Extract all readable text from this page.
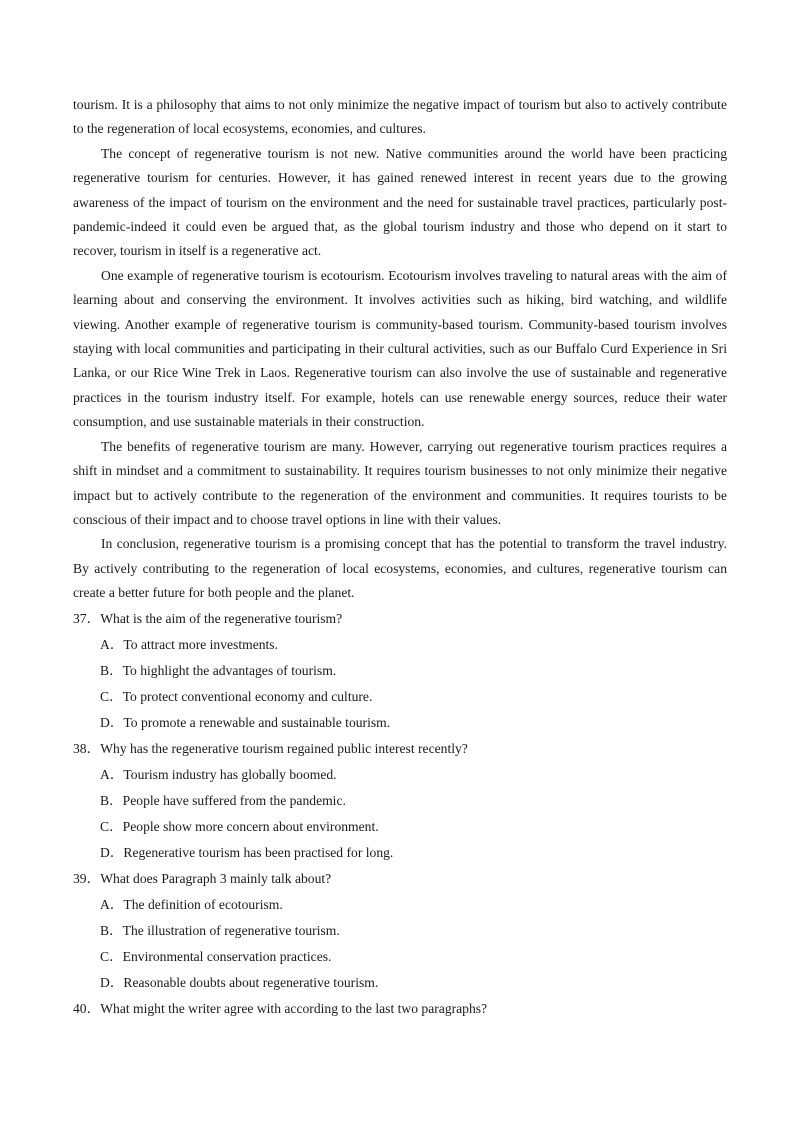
tourism. It is a philosophy that aims to not only minimize the negative impact of tourism but also to actively contribute to the regeneration of local ecosystems, economies, and cultures.

The concept of regenerative tourism is not new. Native communities around the world have been practicing regenerative tourism for centuries. However, it has gained renewed interest in recent years due to the growing awareness of the impact of tourism on the environment and the need for sustainable travel practices, particularly post-pandemic-indeed it could even be argued that, as the global tourism industry and those who depend on it start to recover, tourism in itself is a regenerative act.

One example of regenerative tourism is ecotourism. Ecotourism involves traveling to natural areas with the aim of learning about and conserving the environment. It involves activities such as hiking, bird watching, and wildlife viewing. Another example of regenerative tourism is community-based tourism. Community-based tourism involves staying with local communities and participating in their cultural activities, such as our Buffalo Curd Experience in Sri Lanka, or our Rice Wine Trek in Laos. Regenerative tourism can also involve the use of sustainable and regenerative practices in the tourism industry itself. For example, hotels can use renewable energy sources, reduce their water consumption, and use sustainable materials in their construction.

The benefits of regenerative tourism are many. However, carrying out regenerative tourism practices requires a shift in mindset and a commitment to sustainability. It requires tourism businesses to not only minimize their negative impact but to actively contribute to the regeneration of the environment and communities. It requires tourists to be conscious of their impact and to choose travel options in line with their values.

In conclusion, regenerative tourism is a promising concept that has the potential to transform the travel industry. By actively contributing to the regeneration of local ecosystems, economies, and cultures, regenerative tourism can create a better future for both people and the planet.

37． What is the aim of the regenerative tourism?
A． To attract more investments.
B． To highlight the advantages of tourism.
C． To protect conventional economy and culture.
D． To promote a renewable and sustainable tourism.
38． Why has the regenerative tourism regained public interest recently?
A． Tourism industry has globally boomed.
B． People have suffered from the pandemic.
C． People show more concern about environment.
D． Regenerative tourism has been practised for long.
39． What does Paragraph 3 mainly talk about?
A． The definition of ecotourism.
B． The illustration of regenerative tourism.
C． Environmental conservation practices.
D． Reasonable doubts about regenerative tourism.
40． What might the writer agree with according to the last two paragraphs?
